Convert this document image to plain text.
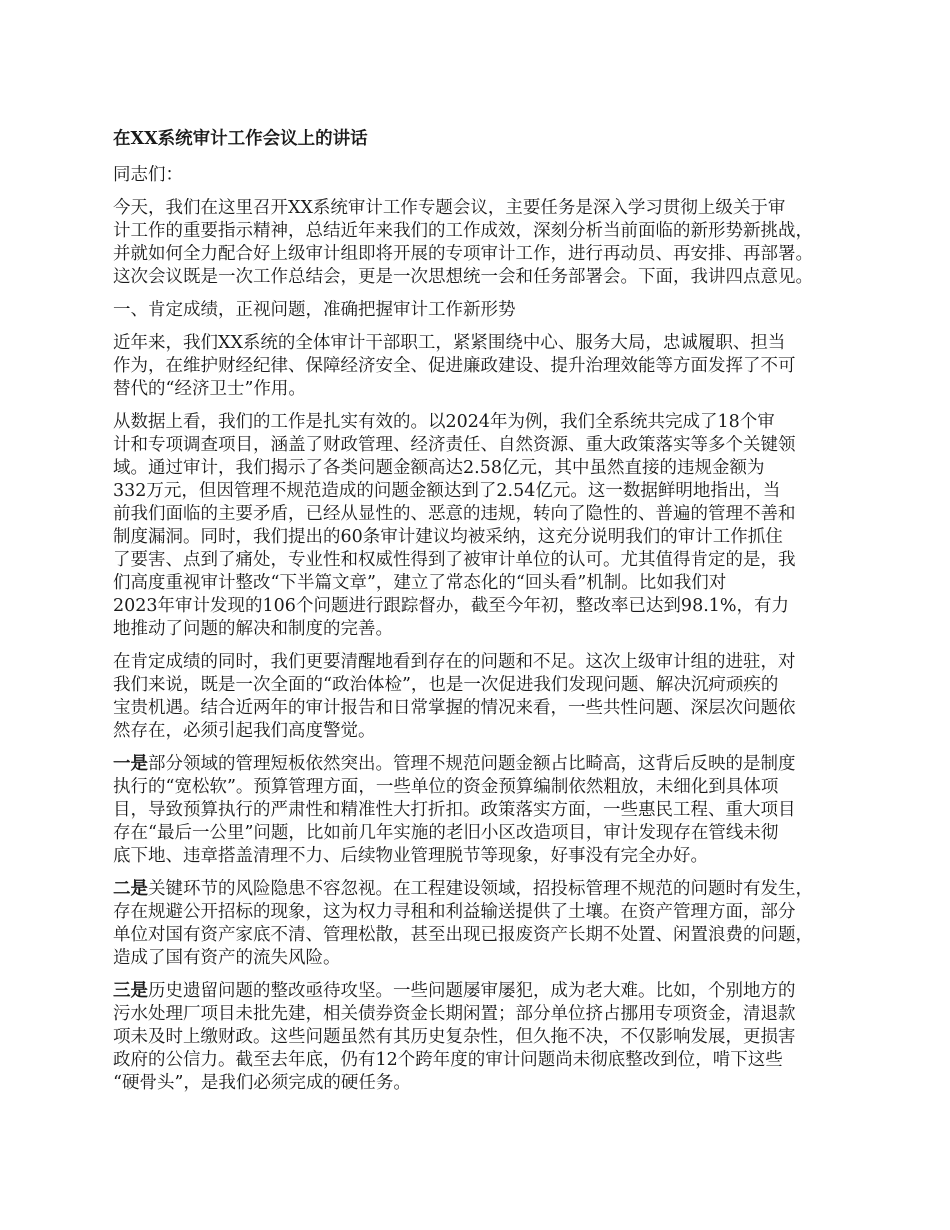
在XX系统审计工作会议上的讲话
同志们：
今天，我们在这里召开XX系统审计工作专题会议，主要任务是深入学习贯彻上级关于审
计工作的重要指示精神，总结近年来我们的工作成效，深刻分析当前面临的新形势新挑战，
并就如何全力配合好上级审计组即将开展的专项审计工作，进行再动员、再安排、再部署。
这次会议既是一次工作总结会，更是一次思想统一会和任务部署会。下面，我讲四点意见。
一、肯定成绩，正视问题，准确把握审计工作新形势
近年来，我们XX系统的全体审计干部职工，紧紧围绕中心、服务大局，忠诚履职、担当
作为，在维护财经纪律、保障经济安全、促进廉政建设、提升治理效能等方面发挥了不可
替代的“经济卫士”作用。
从数据上看，我们的工作是扎实有效的。以2024年为例，我们全系统共完成了18个审
计和专项调查项目，涵盖了财政管理、经济责任、自然资源、重大政策落实等多个关键领
域。通过审计，我们揭示了各类问题金额高达2.58亿元，其中虽然直接的违规金额为
332万元，但因管理不规范造成的问题金额达到了2.54亿元。这一数据鲜明地指出，当
前我们面临的主要矛盾，已经从显性的、恶意的违规，转向了隐性的、普遍的管理不善和
制度漏洞。同时，我们提出的60条审计建议均被采纳，这充分说明我们的审计工作抓住
了要害、点到了痛处，专业性和权威性得到了被审计单位的认可。尤其值得肯定的是，我
们高度重视审计整改“下半篇文章”，建立了常态化的“回头看”机制。比如我们对
2023年审计发现的106个问题进行跟踪督办，截至今年初，整改率已达到98.1%，有力
地推动了问题的解决和制度的完善。
在肯定成绩的同时，我们更要清醒地看到存在的问题和不足。这次上级审计组的进驻，对
我们来说，既是一次全面的“政治体检”，也是一次促进我们发现问题、解决沉疴顽疾的
宝贵机遇。结合近两年的审计报告和日常掌握的情况来看，一些共性问题、深层次问题依
然存在，必须引起我们高度警觉。
一是部分领域的管理短板依然突出。管理不规范问题金额占比畸高，这背后反映的是制度
执行的“宽松软”。预算管理方面，一些单位的资金预算编制依然粗放，未细化到具体项
目，导致预算执行的严肃性和精准性大打折扣。政策落实方面，一些惠民工程、重大项目
存在“最后一公里”问题，比如前几年实施的老旧小区改造项目，审计发现存在管线未彻
底下地、违章搭盖清理不力、后续物业管理脱节等现象，好事没有完全办好。
二是关键环节的风险隐患不容忽视。在工程建设领域，招投标管理不规范的问题时有发生，
存在规避公开招标的现象，这为权力寻租和利益输送提供了土壤。在资产管理方面，部分
单位对国有资产家底不清、管理松散，甚至出现已报废资产长期不处置、闲置浪费的问题，
造成了国有资产的流失风险。
三是历史遗留问题的整改亟待攻坚。一些问题屡审屡犯，成为老大难。比如，个别地方的
污水处理厂项目未批先建，相关债券资金长期闲置；部分单位挤占挪用专项资金，清退款
项未及时上缴财政。这些问题虽然有其历史复杂性，但久拖不决，不仅影响发展，更损害
政府的公信力。截至去年底，仍有12个跨年度的审计问题尚未彻底整改到位，啃下这些
“硬骨头”，是我们必须完成的硬任务。
